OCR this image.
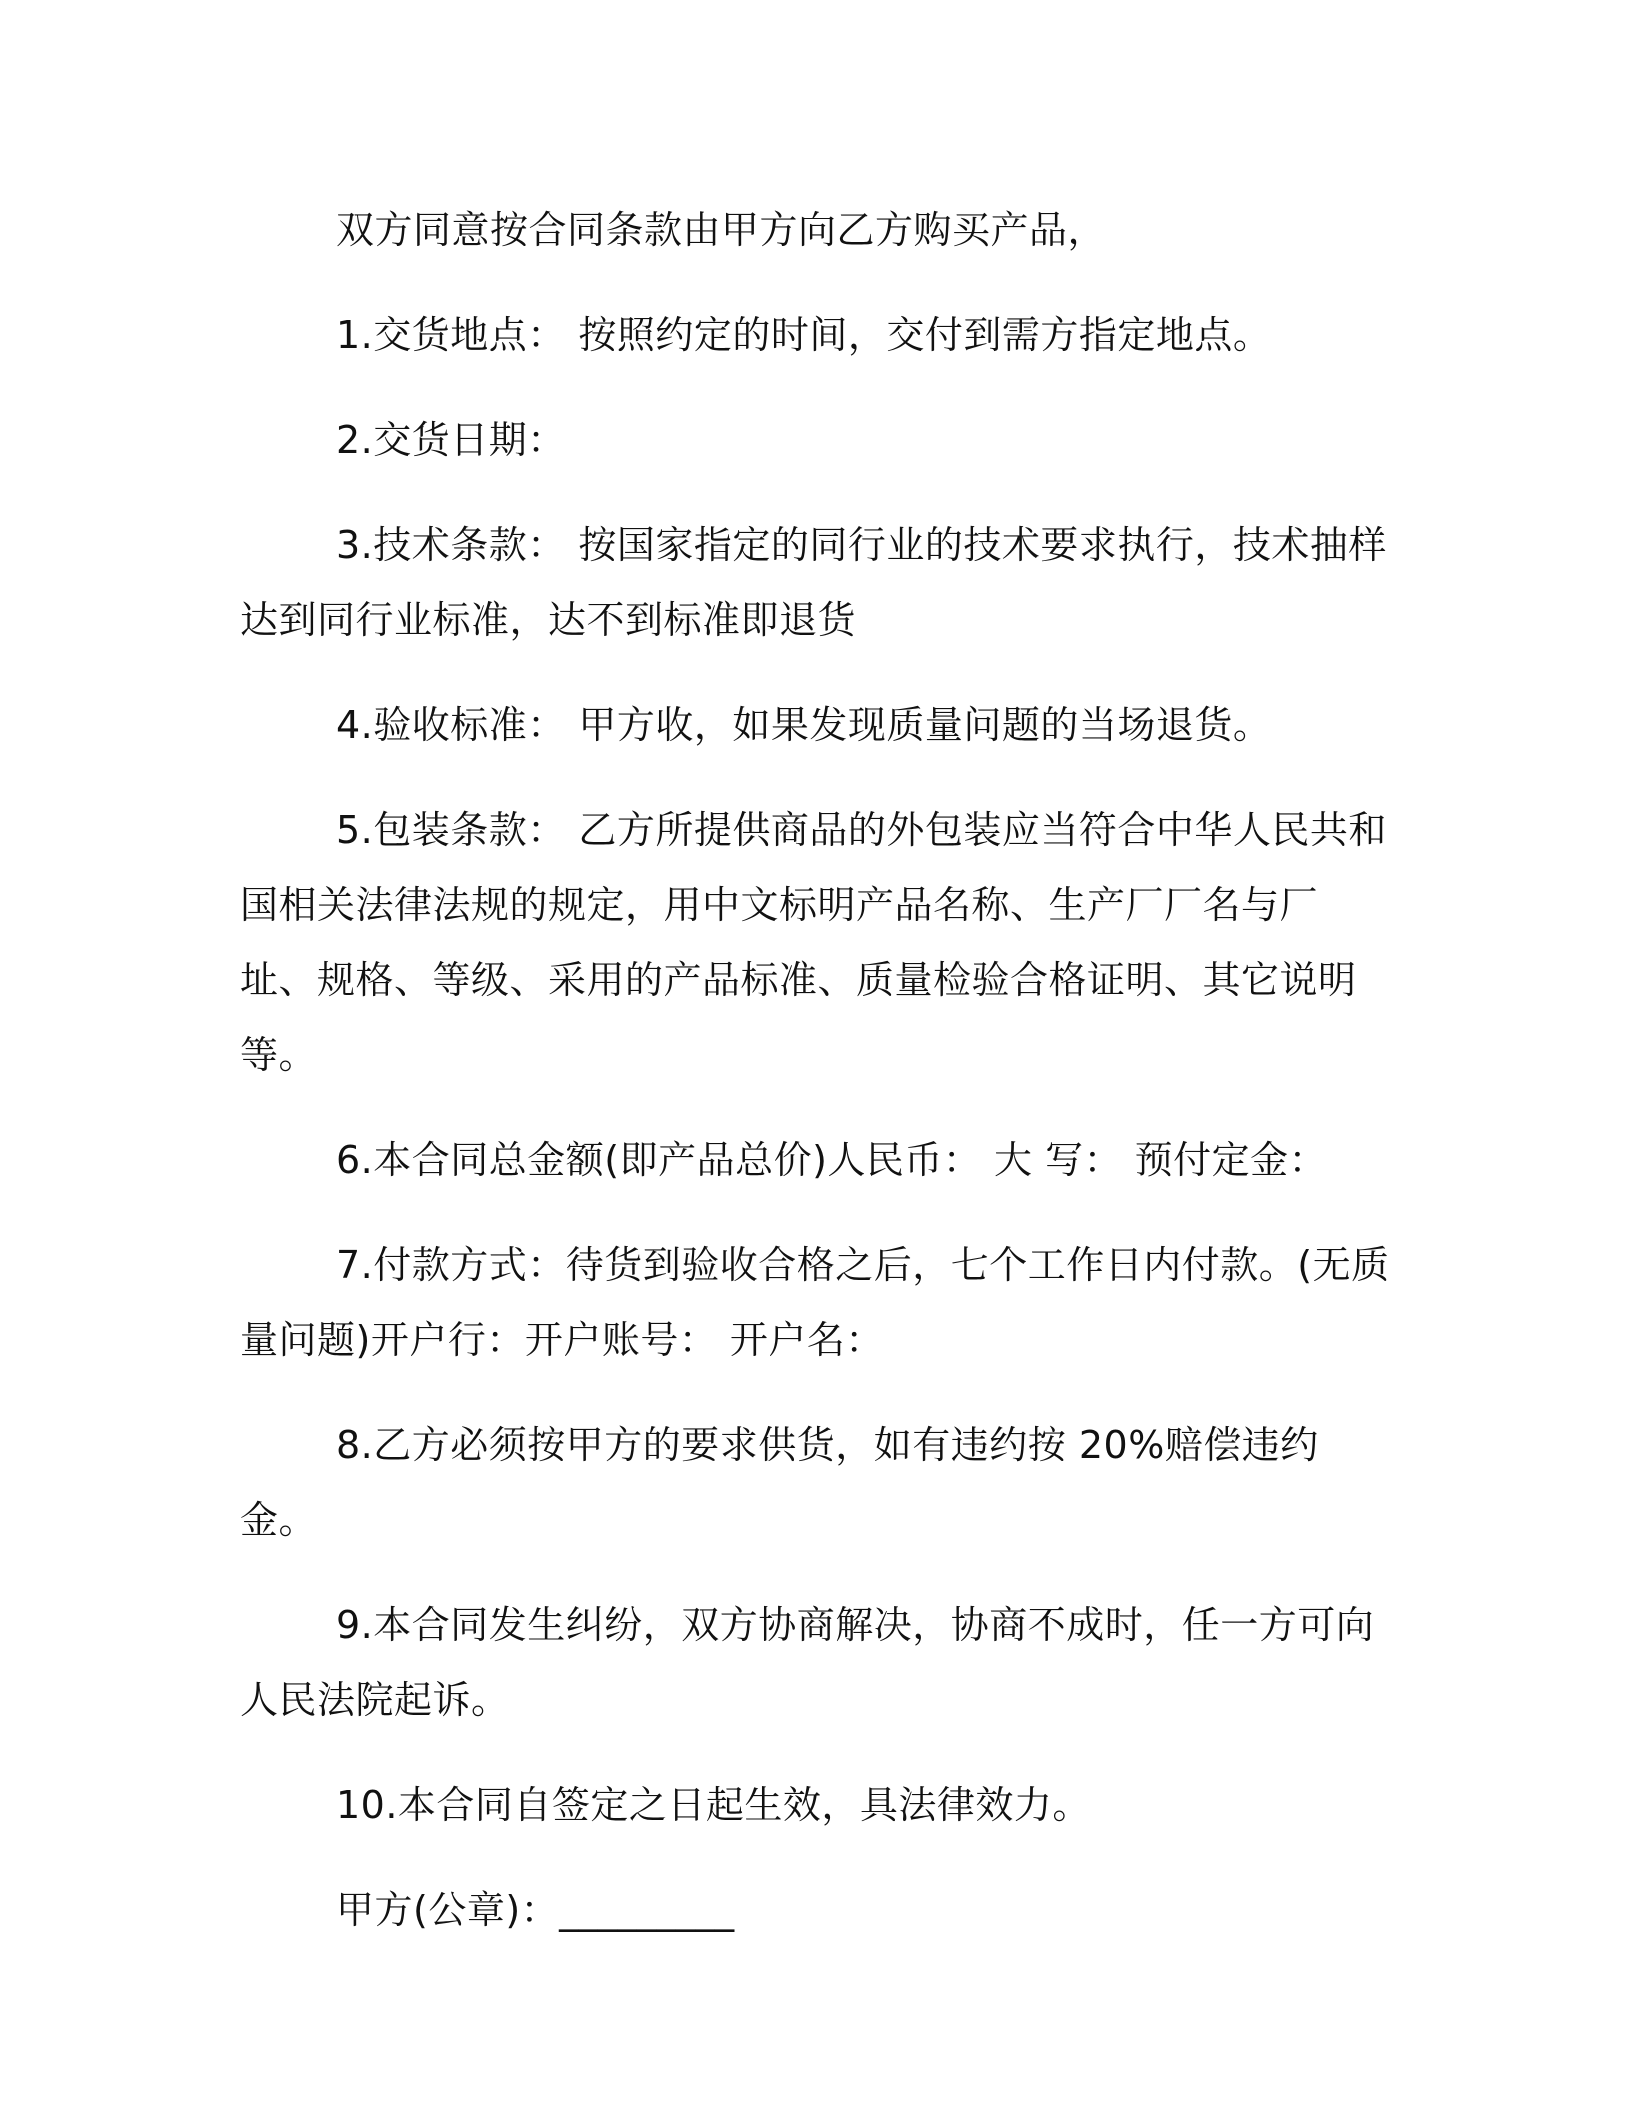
双方同意按合同条款由甲方向乙方购买产品，

1.交货地点： 按照约定的时间，交付到需方指定地点。

2.交货日期：

3.技术条款： 按国家指定的同行业的技术要求执行，技术抽样达到同行业标准，达不到标准即退货

4.验收标准： 甲方收，如果发现质量问题的当场退货。

5.包装条款： 乙方所提供商品的外包装应当符合中华人民共和国相关法律法规的规定，用中文标明产品名称、生产厂厂名与厂址、规格、等级、采用的产品标准、质量检验合格证明、其它说明等。

6.本合同总金额(即产品总价)人民币： 大 写： 预付定金：

7.付款方式：待货到验收合格之后，七个工作日内付款。(无质量问题)开户行：开户账号： 开户名：

8.乙方必须按甲方的要求供货，如有违约按 20%赔偿违约金。

9.本合同发生纠纷，双方协商解决，协商不成时，任一方可向人民法院起诉。

10.本合同自签定之日起生效，具法律效力。

甲方(公章)：_________
